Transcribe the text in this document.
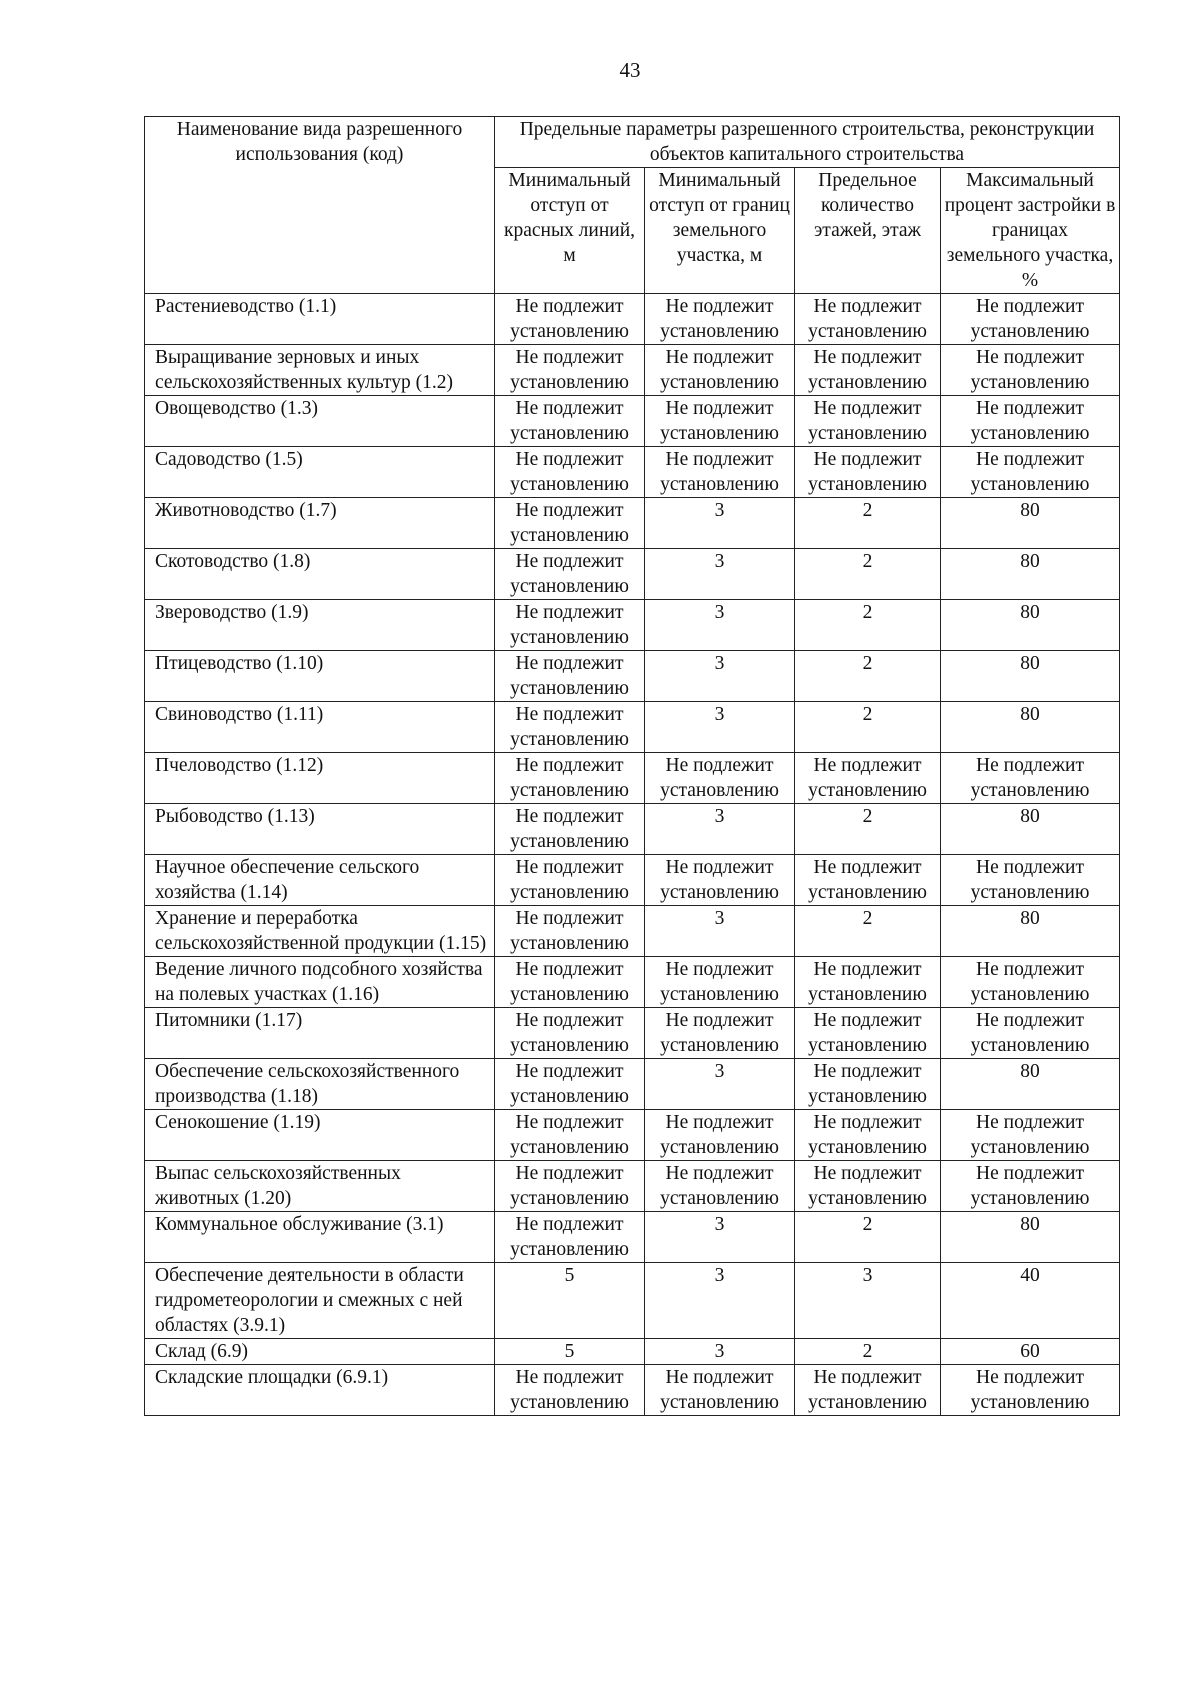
43
Наименование вида разрешенного использования (код)	Предельные параметры разрешенного строительства, реконструкции объектов капитального строительства			
	Минимальный отступ от красных линий, м	Минимальный отступ от границ земельного участка, м	Предельное количество этажей, этаж	Максимальный процент застройки в границах земельного участка, %
Растениеводство (1.1)	Не подлежит установлению	Не подлежит установлению	Не подлежит установлению	Не подлежит установлению
Выращивание зерновых и иных сельскохозяйственных культур (1.2)	Не подлежит установлению	Не подлежит установлению	Не подлежит установлению	Не подлежит установлению
Овощеводство (1.3)	Не подлежит установлению	Не подлежит установлению	Не подлежит установлению	Не подлежит установлению
Садоводство (1.5)	Не подлежит установлению	Не подлежит установлению	Не подлежит установлению	Не подлежит установлению
Животноводство (1.7)	Не подлежит установлению	3	2	80
Скотоводство (1.8)	Не подлежит установлению	3	2	80
Звероводство (1.9)	Не подлежит установлению	3	2	80
Птицеводство (1.10)	Не подлежит установлению	3	2	80
Свиноводство (1.11)	Не подлежит установлению	3	2	80
Пчеловодство (1.12)	Не подлежит установлению	Не подлежит установлению	Не подлежит установлению	Не подлежит установлению
Рыбоводство (1.13)	Не подлежит установлению	3	2	80
Научное обеспечение сельского хозяйства (1.14)	Не подлежит установлению	Не подлежит установлению	Не подлежит установлению	Не подлежит установлению
Хранение и переработка сельскохозяйственной продукции (1.15)	Не подлежит установлению	3	2	80
Ведение личного подсобного хозяйства на полевых участках (1.16)	Не подлежит установлению	Не подлежит установлению	Не подлежит установлению	Не подлежит установлению
Питомники (1.17)	Не подлежит установлению	Не подлежит установлению	Не подлежит установлению	Не подлежит установлению
Обеспечение сельскохозяйственного производства (1.18)	Не подлежит установлению	3	Не подлежит установлению	80
Сенокошение (1.19)	Не подлежит установлению	Не подлежит установлению	Не подлежит установлению	Не подлежит установлению
Выпас сельскохозяйственных животных (1.20)	Не подлежит установлению	Не подлежит установлению	Не подлежит установлению	Не подлежит установлению
Коммунальное обслуживание (3.1)	Не подлежит установлению	3	2	80
Обеспечение деятельности в области гидрометеорологии и смежных с ней областях (3.9.1)	5	3	3	40
Склад (6.9)	5	3	2	60
Складские площадки (6.9.1)	Не подлежит установлению	Не подлежит установлению	Не подлежит установлению	Не подлежит установлению
